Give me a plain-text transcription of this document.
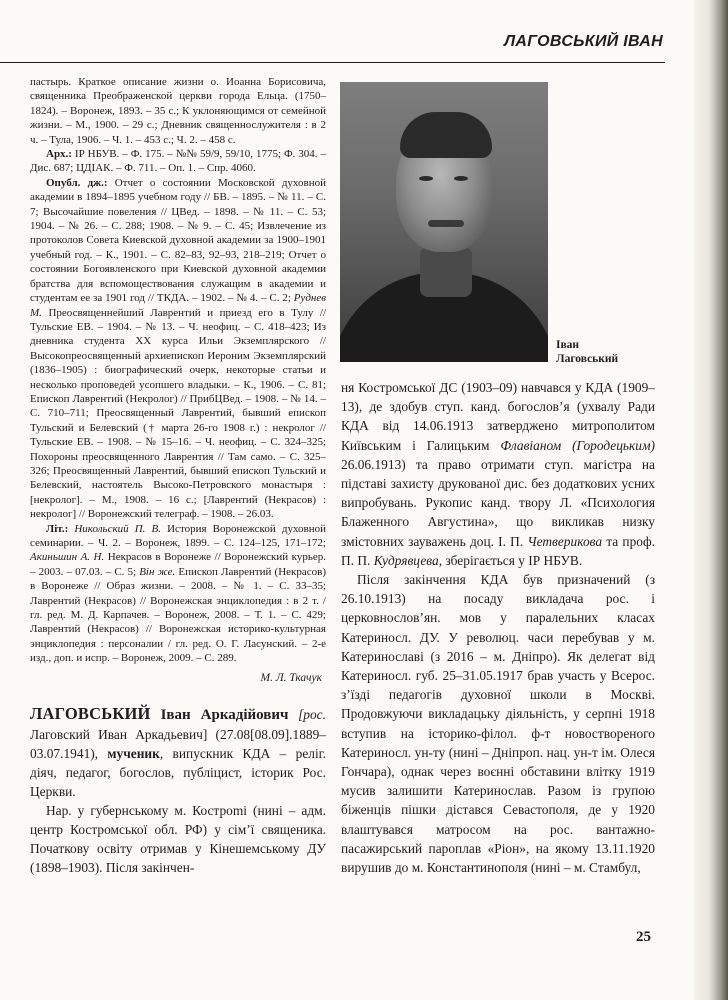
ЛАГОВСЬКИЙ ІВАН

пастырь. Краткое описание жизни о. Иоанна Борисовича, священника Преображенской церкви города Ельца. (1750–1824). – Воронеж, 1893. – 35 с.; К уклоняющимся от семейной жизни. – М., 1900. – 29 с.; Дневник священнослужителя : в 2 ч. – Тула, 1906. – Ч. 1. – 453 с.; Ч. 2. – 458 с.

Арх.: ІР НБУВ. – Ф. 175. – №№ 59/9, 59/10, 1775; Ф. 304. – Дис. 687; ЦДІАК. – Ф. 711. – Оп. 1. – Спр. 4060.

Опубл. дж.: Отчет о состоянии Московской духовной академии в 1894–1895 учебном году // БВ. – 1895. – № 11. – С. 7; Высочайшие повеления // ЦВед. – 1898. – № 11. – С. 53; 1904. – № 26. – С. 288; 1908. – № 9. – С. 45; Извлечение из протоколов Совета Киевской духовной академии за 1900–1901 учебный год. – К., 1901. – С. 82–83, 92–93, 218–219; Отчет о состоянии Богоявленского при Киевской духовной академии братства для вспомоществования служащим в академии и студентам ее за 1901 год // ТКДА. – 1902. – № 4. – С. 2; Руднев М. Преосвященнейший Лаврентий и приезд его в Тулу // Тульские ЕВ. – 1904. – № 13. – Ч. неофиц. – С. 418–423; Из дневника студента XX курса Ильи Экземплярского // Высокопреосвященный архиепископ Иероним Экземплярский (1836–1905) : биографический очерк, некоторые статьи и несколько проповедей усопшего владыки. – К., 1906. – С. 81; Епископ Лаврентий (Некролог) // ПрибЦВед. – 1908. – № 14. – С. 710–711; Преосвященный Лаврентий, бывший епископ Тульский и Белевский († марта 26-го 1908 г.) : некролог // Тульские ЕВ. – 1908. – № 15–16. – Ч. неофиц. – С. 324–325; Похороны преосвященного Лаврентия // Там само. – С. 325–326; Преосвященный Лаврентий, бывший епископ Тульский и Белевский, настоятель Высоко-Петровского монастыря : [некролог]. – М., 1908. – 16 с.; [Лаврентий (Некрасов) : некролог] // Воронежский телеграф. – 1908. – 26.03.

Літ.: Никольский П. В. История Воронежской духовной семинарии. – Ч. 2. – Воронеж, 1899. – С. 124–125, 171–172; Акиньшин А. Н. Некрасов в Воронеже // Воронежский курьер. – 2003. – 07.03. – С. 5; Він же. Епископ Лаврентий (Некрасов) в Воронеже // Образ жизни. – 2008. – № 1. – С. 33–35; Лаврентий (Некрасов) // Воронежская энциклопедия : в 2 т. / гл. ред. М. Д. Карпачев. – Воронеж, 2008. – Т. 1. – С. 429; Лаврентий (Некрасов) // Воронежская историко-культурная энциклопедия : персоналии / гл. ред. О. Г. Ласунский. – 2-е изд., доп. и испр. – Воронеж, 2009. – С. 289.

М. Л. Ткачук

ЛАГОВСЬКИЙ Іван Аркадійович [рос. Лаговский Иван Аркадьевич] (27.08[08.09].1889–03.07.1941), мученик, випускник КДА – реліг. діяч, педагог, богослов, публіцист, історик Рос. Церкви.

Нар. у губернському м. Кострomі (нині – адм. центр Костромської обл. РФ) у сім’ї священика. Початкову освіту отримав у Кінешемському ДУ (1898–1903). Після закінчен-

Іван
Лаговський

ня Костромської ДС (1903–09) навчався у КДА (1909–13), де здобув ступ. канд. богослов’я (ухвалу Ради КДА від 14.06.1913 затверджено митрополитом Київським і Галицьким Флавіаном (Городецьким) 26.06.1913) та право отримати ступ. магістра на підставі захисту друкованої дис. без додаткових усних випробувань. Рукопис канд. твору Л. «Психология Блаженного Августина», що викликав низку змістовних зауважень доц. І. П. Четверикова та проф. П. П. Кудрявцева, зберігається у ІР НБУВ.

Після закінчення КДА був призначений (з 26.10.1913) на посаду викладача рос. і церковнослов’ян. мов у паралельних класах Катериносл. ДУ. У революц. часи перебував у м. Катеринославі (з 2016 – м. Дніпро). Як делегат від Катериносл. губ. 25–31.05.1917 брав участь у Всерос. з’їзді педагогів духовної школи в Москві. Продовжуючи викладацьку діяльність, у серпні 1918 вступив на історико-філол. ф-т новоствореного Катериносл. ун-ту (нині – Дніпроп. нац. ун-т ім. Олеся Гончара), однак через воєнні обставини влітку 1919 мусив залишити Катеринослав. Разом із групою біженців пішки дістався Севастополя, де у 1920 влаштувався матросом на рос. вантажно-пасажирський пароплав «Ріон», на якому 13.11.1920 вирушив до м. Константинополя (нині – м. Стамбул,

25
